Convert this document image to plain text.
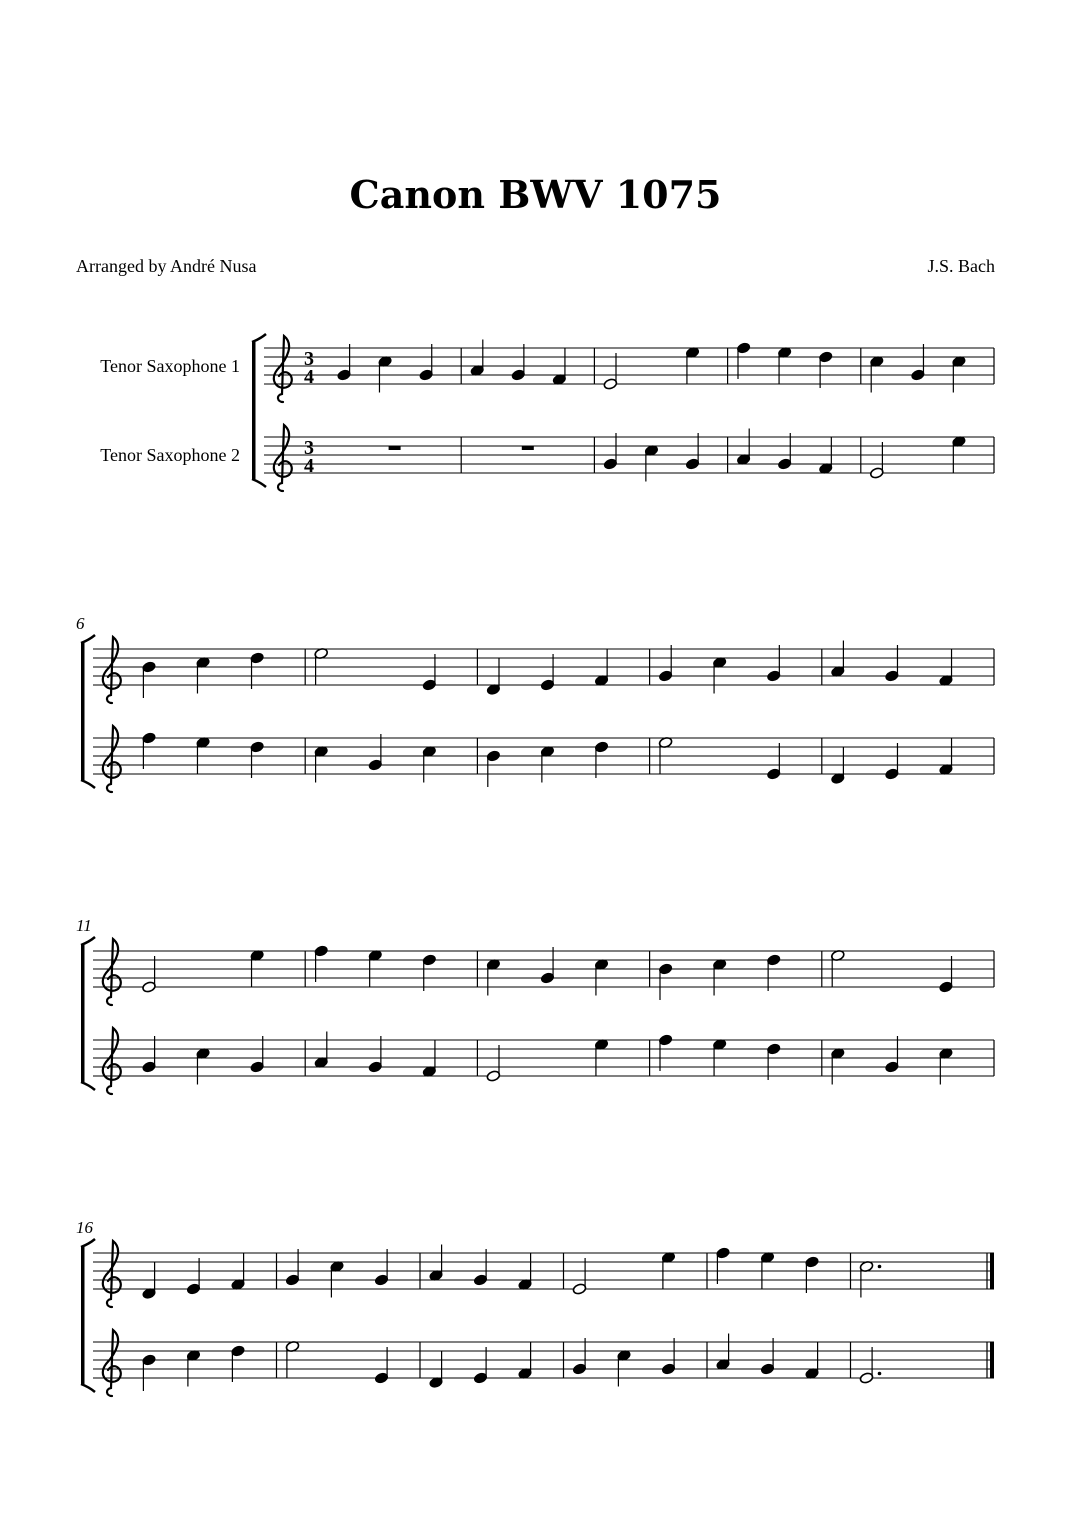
Canon BWV 1075
Arranged by André Nusa	J.S. Bach
Tenor Saxophone 1	3
4
Tenor Saxophone 2	3
4
6
11
16
